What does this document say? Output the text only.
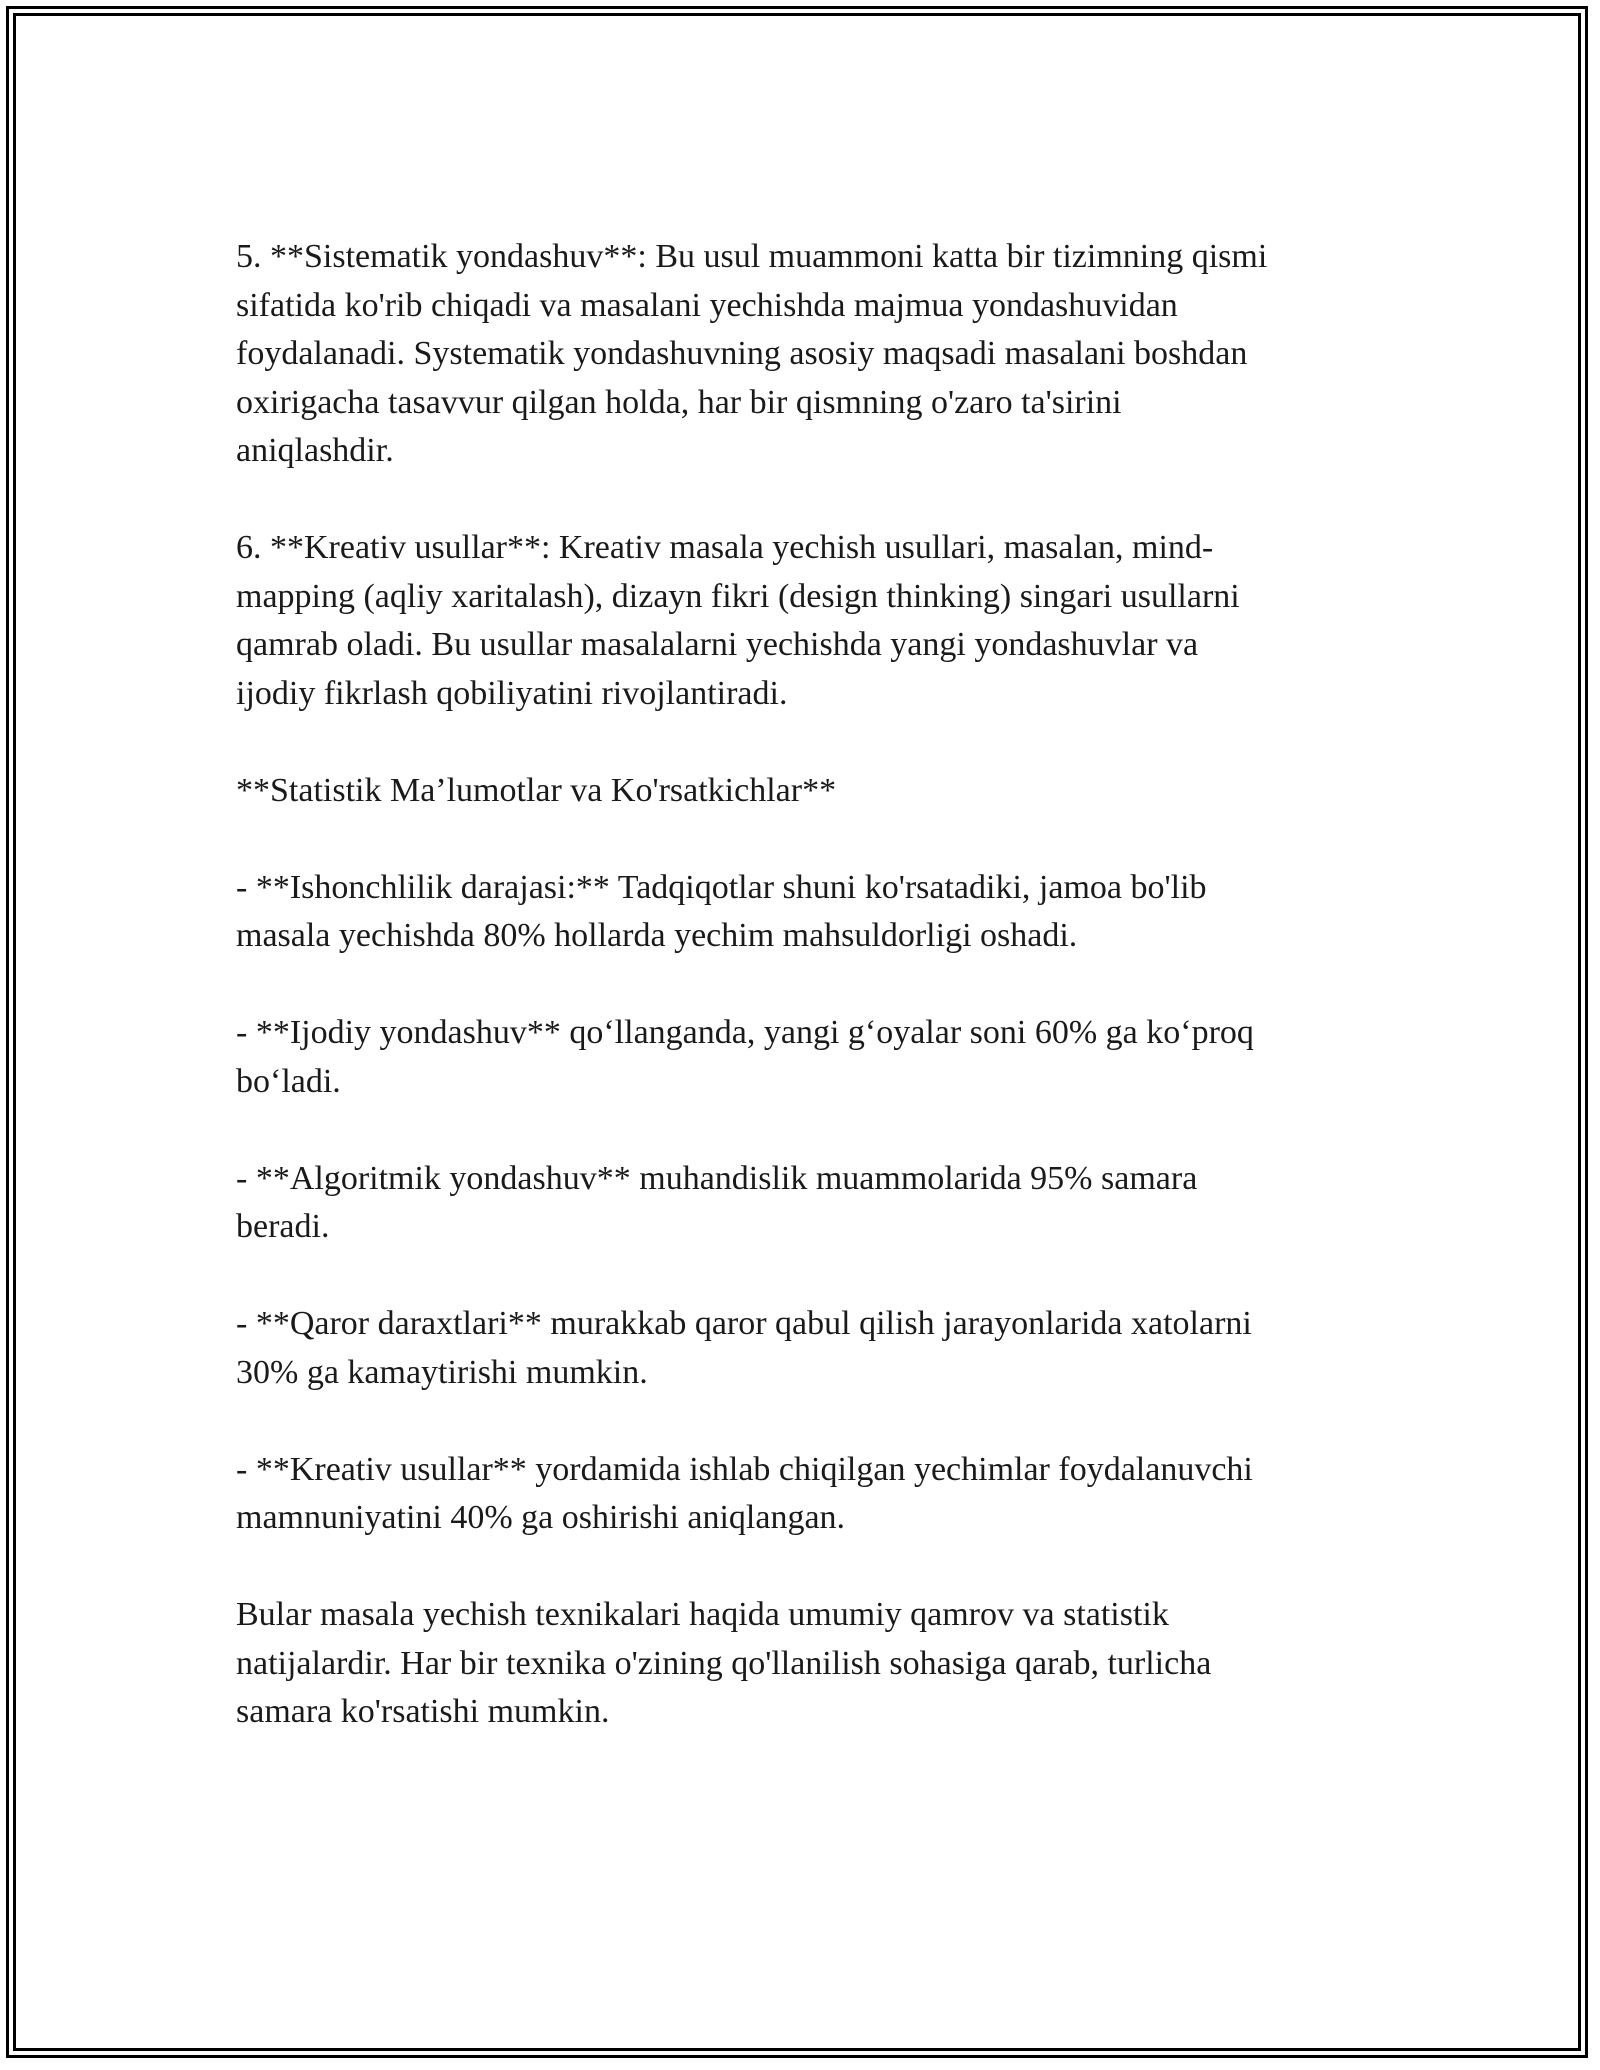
5. **Sistematik yondashuv**: Bu usul muammoni katta bir tizimning qismi
sifatida ko'rib chiqadi va masalani yechishda majmua yondashuvidan
foydalanadi. Systematik yondashuvning asosiy maqsadi masalani boshdan
oxirigacha tasavvur qilgan holda, har bir qismning o'zaro ta'sirini
aniqlashdir.

6. **Kreativ usullar**: Kreativ masala yechish usullari, masalan, mind-
mapping (aqliy xaritalash), dizayn fikri (design thinking) singari usullarni
qamrab oladi. Bu usullar masalalarni yechishda yangi yondashuvlar va
ijodiy fikrlash qobiliyatini rivojlantiradi.

**Statistik Ma’lumotlar va Ko'rsatkichlar**

- **Ishonchlilik darajasi:** Tadqiqotlar shuni ko'rsatadiki, jamoa bo'lib
masala yechishda 80% hollarda yechim mahsuldorligi oshadi.

- **Ijodiy yondashuv** qo‘llanganda, yangi g‘oyalar soni 60% ga ko‘proq
bo‘ladi.

- **Algoritmik yondashuv** muhandislik muammolarida 95% samara
beradi.

- **Qaror daraxtlari** murakkab qaror qabul qilish jarayonlarida xatolarni
30% ga kamaytirishi mumkin.

- **Kreativ usullar** yordamida ishlab chiqilgan yechimlar foydalanuvchi
mamnuniyatini 40% ga oshirishi aniqlangan.

Bular masala yechish texnikalari haqida umumiy qamrov va statistik
natijalardir. Har bir texnika o'zining qo'llanilish sohasiga qarab, turlicha
samara ko'rsatishi mumkin.
